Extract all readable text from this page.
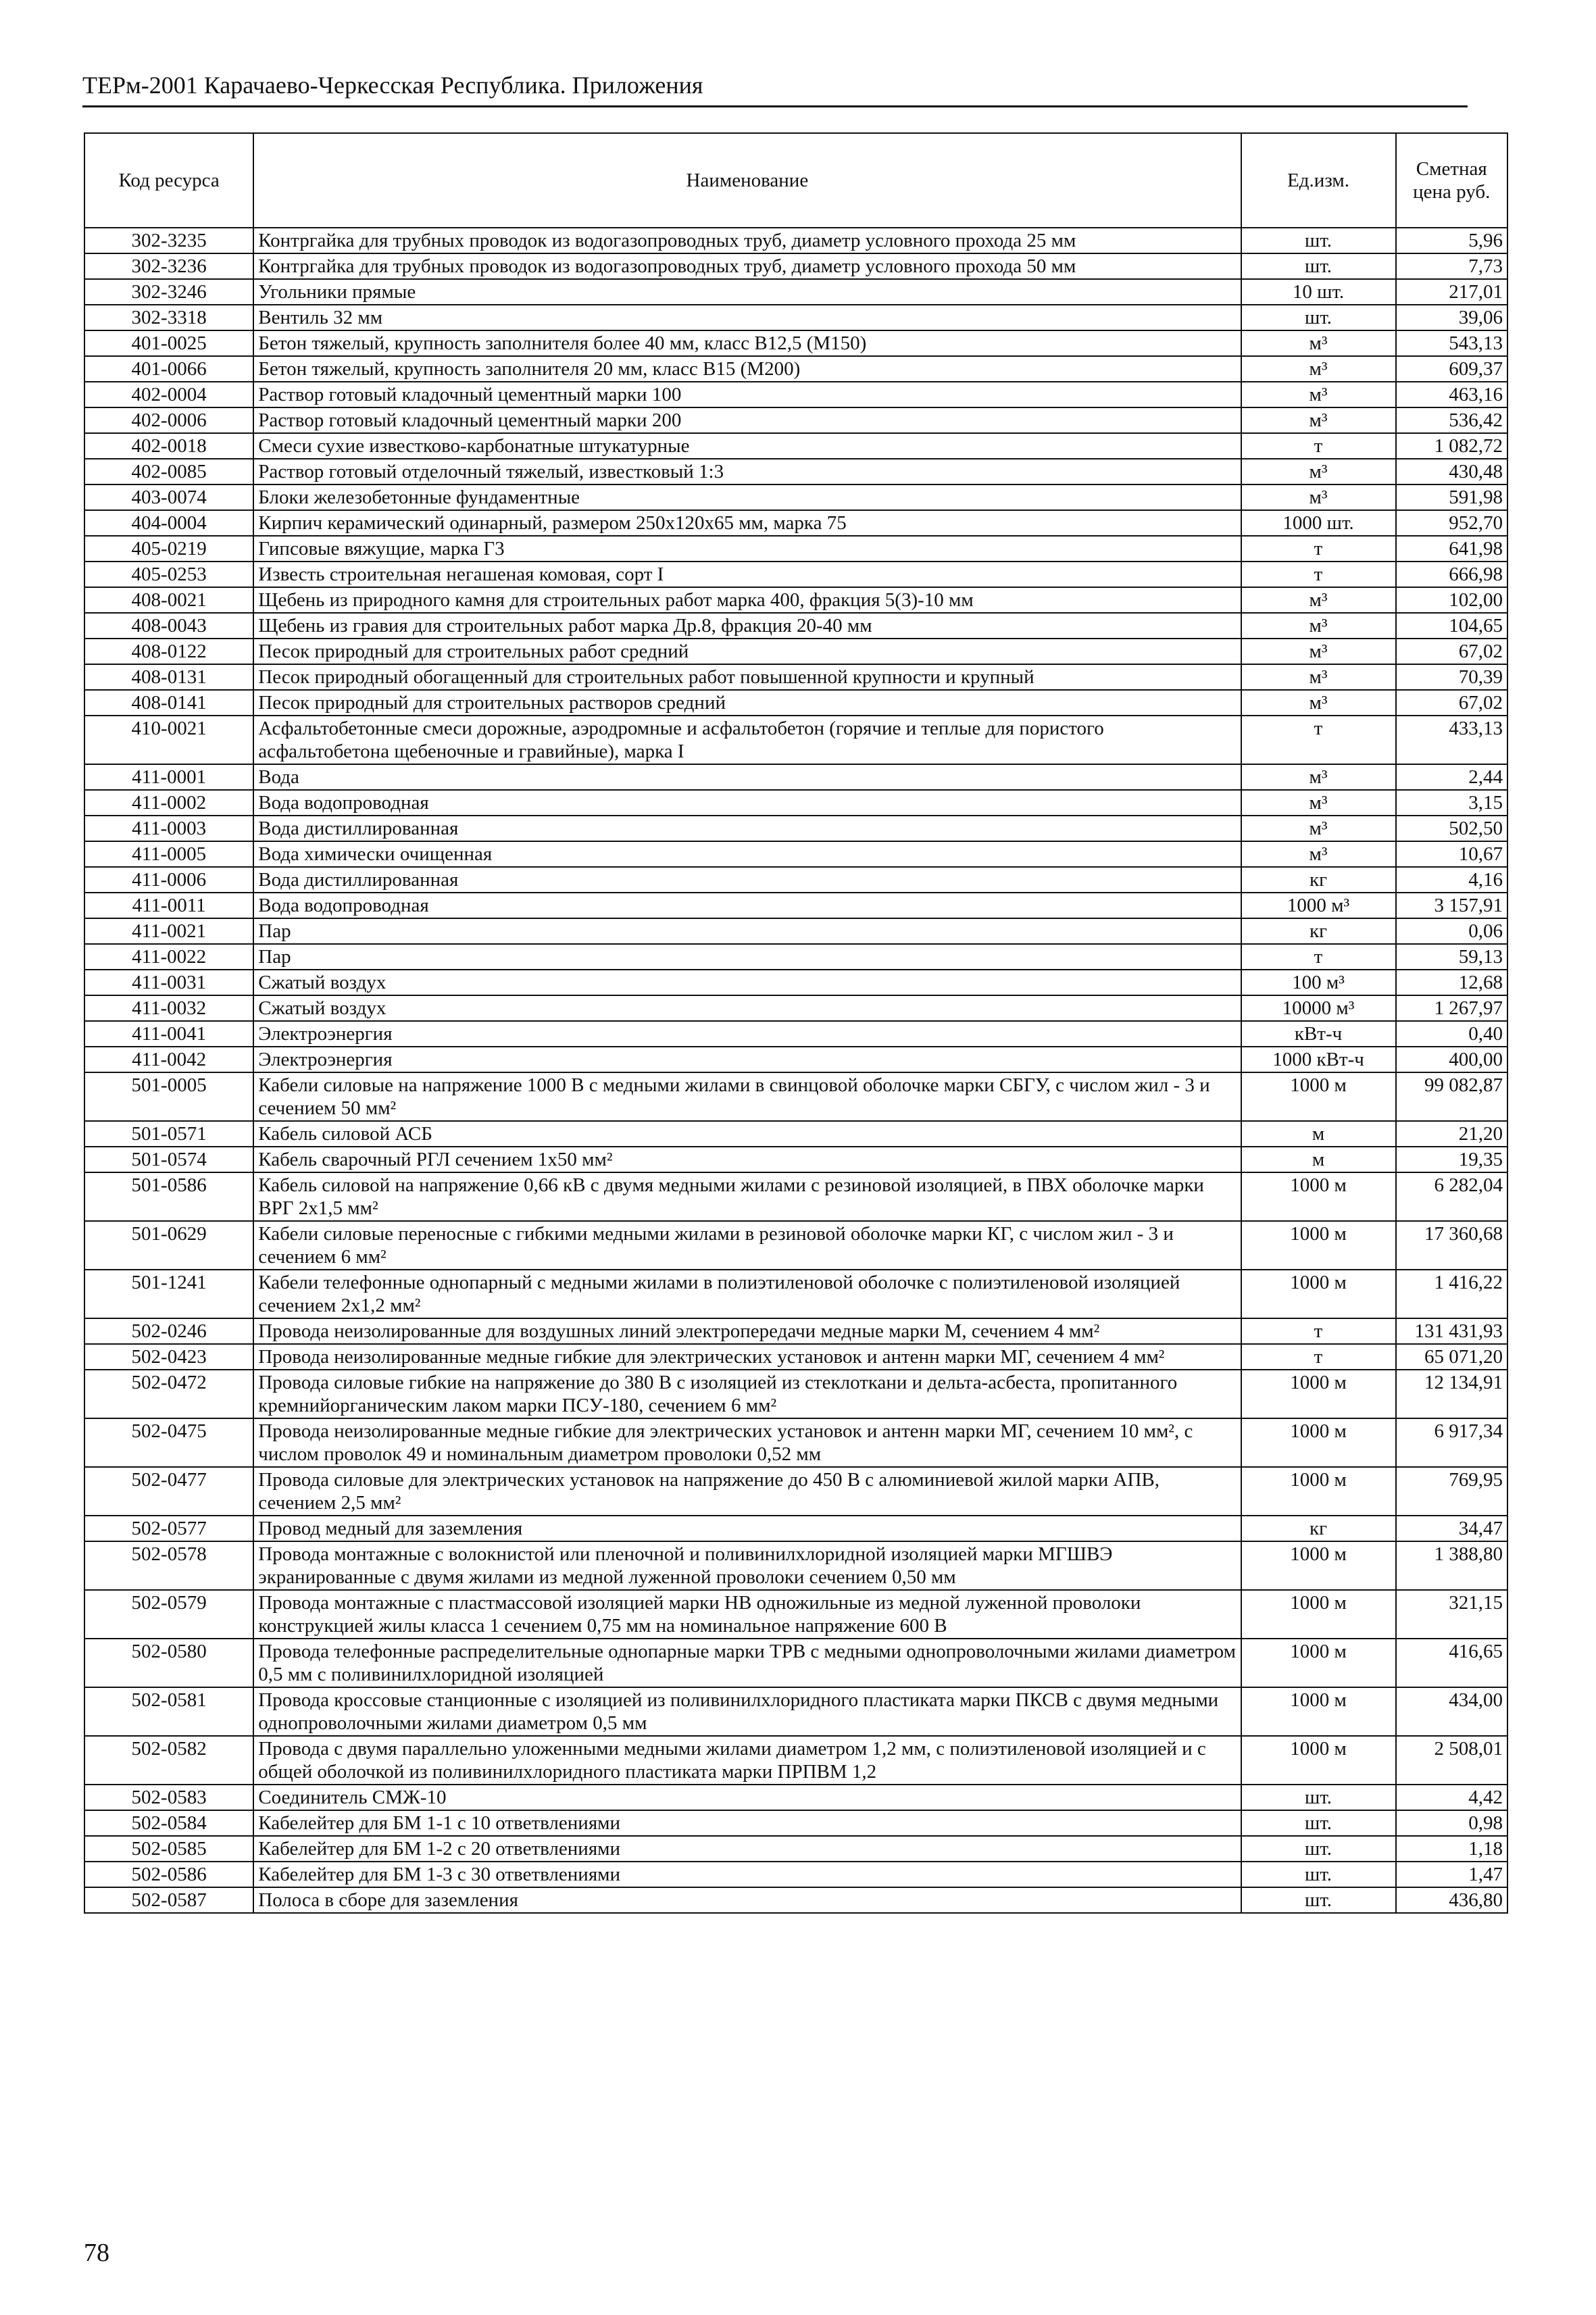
ТЕРм-2001 Карачаево-Черкесская Республика. Приложения
Код ресурса	Наименование	Ед.изм.	Сметная цена руб.
302-3235	Контргайка для трубных проводок из водогазопроводных труб, диаметр условного прохода 25 мм	шт.	5,96
302-3236	Контргайка для трубных проводок из водогазопроводных труб, диаметр условного прохода 50 мм	шт.	7,73
302-3246	Угольники прямые	10 шт.	217,01
302-3318	Вентиль 32 мм	шт.	39,06
401-0025	Бетон тяжелый, крупность заполнителя более 40 мм, класс В12,5 (М150)	м³	543,13
401-0066	Бетон тяжелый, крупность заполнителя 20 мм, класс В15 (М200)	м³	609,37
402-0004	Раствор готовый кладочный цементный марки 100	м³	463,16
402-0006	Раствор готовый кладочный цементный марки 200	м³	536,42
402-0018	Смеси сухие известково-карбонатные штукатурные	т	1 082,72
402-0085	Раствор готовый отделочный тяжелый, известковый 1:3	м³	430,48
403-0074	Блоки железобетонные фундаментные	м³	591,98
404-0004	Кирпич керамический одинарный, размером 250х120х65 мм, марка 75	1000 шт.	952,70
405-0219	Гипсовые вяжущие, марка Г3	т	641,98
405-0253	Известь строительная негашеная комовая, сорт I	т	666,98
408-0021	Щебень из природного камня для строительных работ марка 400, фракция 5(3)-10 мм	м³	102,00
408-0043	Щебень из гравия для строительных работ марка Др.8, фракция 20-40 мм	м³	104,65
408-0122	Песок природный для строительных работ средний	м³	67,02
408-0131	Песок природный обогащенный для строительных работ повышенной крупности и крупный	м³	70,39
408-0141	Песок природный для строительных растворов средний	м³	67,02
410-0021	Асфальтобетонные смеси дорожные, аэродромные и асфальтобетон (горячие и теплые для пористого асфальтобетона щебеночные и гравийные), марка I	т	433,13
411-0001	Вода	м³	2,44
411-0002	Вода водопроводная	м³	3,15
411-0003	Вода дистиллированная	м³	502,50
411-0005	Вода химически очищенная	м³	10,67
411-0006	Вода дистиллированная	кг	4,16
411-0011	Вода водопроводная	1000 м³	3 157,91
411-0021	Пар	кг	0,06
411-0022	Пар	т	59,13
411-0031	Сжатый воздух	100 м³	12,68
411-0032	Сжатый воздух	10000 м³	1 267,97
411-0041	Электроэнергия	кВт-ч	0,40
411-0042	Электроэнергия	1000 кВт-ч	400,00
501-0005	Кабели силовые на напряжение 1000 В с медными жилами в свинцовой оболочке марки СБГУ, с числом жил - 3 и сечением 50 мм²	1000 м	99 082,87
501-0571	Кабель силовой АСБ	м	21,20
501-0574	Кабель сварочный РГЛ сечением 1х50 мм²	м	19,35
501-0586	Кабель силовой на напряжение 0,66 кВ с двумя медными жилами с резиновой изоляцией, в ПВХ оболочке марки ВРГ 2х1,5 мм²	1000 м	6 282,04
501-0629	Кабели силовые переносные с гибкими медными жилами в резиновой оболочке марки КГ, с числом жил - 3 и сечением 6 мм²	1000 м	17 360,68
501-1241	Кабели телефонные однопарный с медными жилами в полиэтиленовой оболочке с полиэтиленовой изоляцией сечением 2х1,2 мм²	1000 м	1 416,22
502-0246	Провода неизолированные для воздушных линий электропередачи медные марки М, сечением 4 мм²	т	131 431,93
502-0423	Провода неизолированные медные гибкие для электрических установок и антенн марки МГ, сечением 4 мм²	т	65 071,20
502-0472	Провода силовые гибкие на напряжение до 380 В с изоляцией из стеклоткани и дельта-асбеста, пропитанного кремнийорганическим лаком марки ПСУ-180, сечением 6 мм²	1000 м	12 134,91
502-0475	Провода неизолированные медные гибкие для электрических установок и антенн марки МГ, сечением 10 мм², с числом проволок 49 и номинальным диаметром проволоки 0,52 мм	1000 м	6 917,34
502-0477	Провода силовые для электрических установок на напряжение до 450 В с алюминиевой жилой марки АПВ, сечением 2,5 мм²	1000 м	769,95
502-0577	Провод медный для заземления	кг	34,47
502-0578	Провода монтажные с волокнистой или пленочной и поливинилхлоридной изоляцией марки МГШВЭ экранированные с двумя жилами из медной луженной проволоки сечением 0,50 мм	1000 м	1 388,80
502-0579	Провода монтажные с пластмассовой изоляцией марки НВ одножильные из медной луженной проволоки конструкцией жилы класса 1 сечением 0,75 мм на номинальное напряжение 600 В	1000 м	321,15
502-0580	Провода телефонные распределительные однопарные марки ТРВ с медными однопроволочными жилами диаметром 0,5 мм с поливинилхлоридной изоляцией	1000 м	416,65
502-0581	Провода кроссовые станционные с изоляцией из поливинилхлоридного пластиката марки ПКСВ с двумя медными однопроволочными жилами диаметром 0,5 мм	1000 м	434,00
502-0582	Провода с двумя параллельно уложенными медными жилами диаметром 1,2 мм, с полиэтиленовой изоляцией и с общей оболочкой из поливинилхлоридного пластиката марки ПРПВМ 1,2	1000 м	2 508,01
502-0583	Соединитель СМЖ-10	шт.	4,42
502-0584	Кабелейтер для БМ 1-1 с 10 ответвлениями	шт.	0,98
502-0585	Кабелейтер для БМ 1-2 с 20 ответвлениями	шт.	1,18
502-0586	Кабелейтер для БМ 1-3 с 30 ответвлениями	шт.	1,47
502-0587	Полоса в сборе для заземления	шт.	436,80
78
